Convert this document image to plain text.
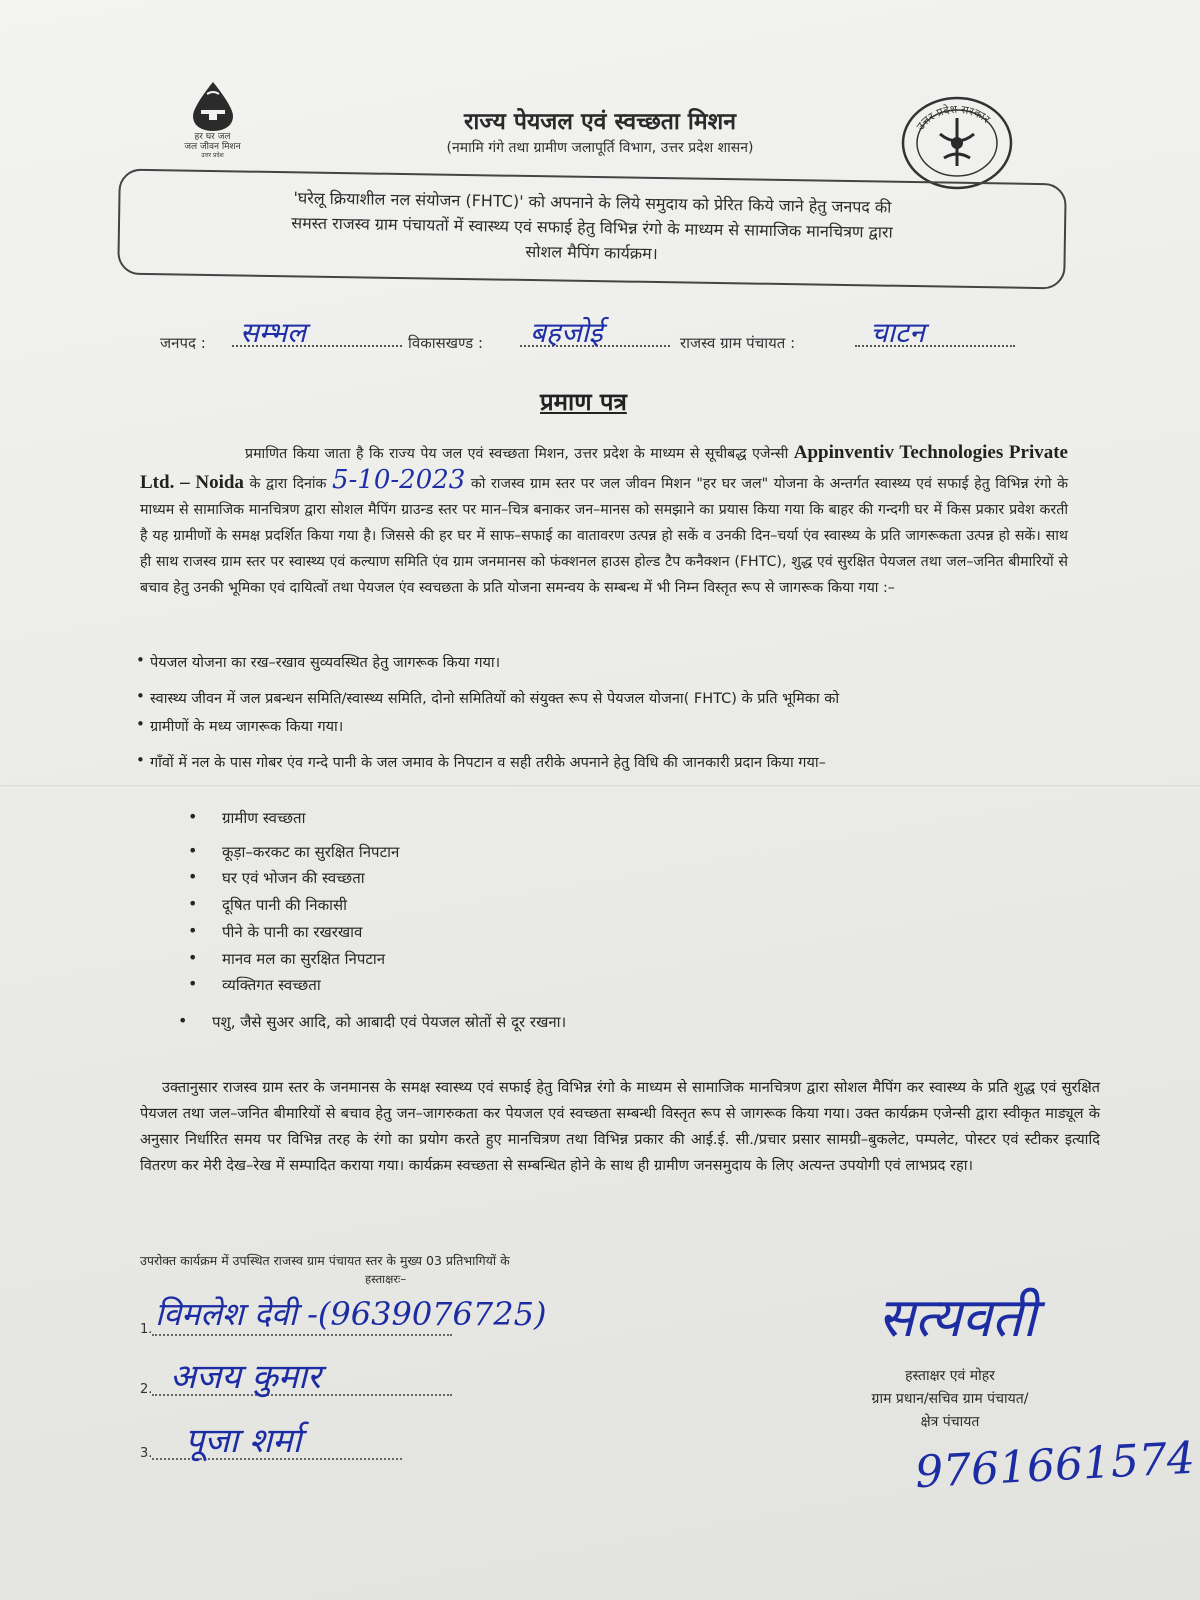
हर घर जल
जल जीवन मिशन
उत्तर प्रदेश
उत्तर प्रदेश सरकार
राज्य पेयजल एवं स्वच्छता मिशन
(नमामि गंगे तथा ग्रामीण जलापूर्ति विभाग, उत्तर प्रदेश शासन)
'घरेलू क्रियाशील नल संयोजन (FHTC)' को अपनाने के लिये समुदाय को प्रेरित किये जाने हेतु जनपद की
समस्त राजस्व ग्राम पंचायतों में स्वास्थ्य एवं सफाई हेतु विभिन्न रंगो के माध्यम से सामाजिक मानचित्रण द्वारा
सोशल मैपिंग कार्यक्रम।
जनपद : सम्भल	विकासखण्ड : बहजोई	राजस्व ग्राम पंचायत :	चाटन
प्रमाण पत्र
प्रमाणित किया जाता है कि राज्य पेय जल एवं स्वच्छता मिशन, उत्तर प्रदेश के माध्यम से सूचीबद्ध एजेन्सी Appinventiv Technologies Private Ltd. – Noida के द्वारा दिनांक 5-10-2023 को राजस्व ग्राम स्तर पर जल जीवन मिशन "हर घर जल" योजना के अन्तर्गत स्वास्थ्य एवं सफाई हेतु विभिन्न रंगो के माध्यम से सामाजिक मानचित्रण द्वारा सोशल मैपिंग ग्राउन्ड स्तर पर मान–चित्र बनाकर जन–मानस को समझाने का प्रयास किया गया कि बाहर की गन्दगी घर में किस प्रकार प्रवेश करती है यह ग्रामीणों के समक्ष प्रदर्शित किया गया है। जिससे की हर घर में साफ–सफाई का वातावरण उत्पन्न हो सकें व उनकी दिन–चर्या एंव स्वास्थ्य के प्रति जागरूकता उत्पन्न हो सकें। साथ ही साथ राजस्व ग्राम स्तर पर स्वास्थ्य एवं कल्याण समिति एंव ग्राम जनमानस को फंक्शनल हाउस होल्ड टैप कनैक्शन (FHTC), शुद्ध एवं सुरक्षित पेयजल तथा जल–जनित बीमारियों से बचाव हेतु उनकी भूमिका एवं दायित्वों तथा पेयजल एंव स्वचछता के प्रति योजना समन्वय के सम्बन्ध में भी निम्न विस्तृत रूप से जागरूक किया गया :–
• पेयजल योजना का रख–रखाव सुव्यवस्थित हेतु जागरूक किया गया।
• स्वास्थ्य जीवन में जल प्रबन्धन समिति/स्वास्थ्य समिति, दोनो समितियों को संयुक्त रूप से पेयजल योजना( FHTC) के प्रति भूमिका को
• ग्रामीणों के मध्य जागरूक किया गया।
• गाँवों में नल के पास गोबर एंव गन्दे पानी के जल जमाव के निपटान व सही तरीके अपनाने हेतु विधि की जानकारी प्रदान किया गया–
• ग्रामीण स्वच्छता
• कूड़ा–करकट का सुरक्षित निपटान
• घर एवं भोजन की स्वच्छता
• दूषित पानी की निकासी
• पीने के पानी का रखरखाव
• मानव मल का सुरक्षित निपटान
• व्यक्तिगत स्वच्छता
• पशु, जैसे सुअर आदि, को आबादी एवं पेयजल स्रोतों से दूर रखना।
उक्तानुसार राजस्व ग्राम स्तर के जनमानस के समक्ष स्वास्थ्य एवं सफाई हेतु विभिन्न रंगो के माध्यम से सामाजिक मानचित्रण द्वारा सोशल मैपिंग कर स्वास्थ्य के प्रति शुद्ध एवं सुरक्षित पेयजल तथा जल–जनित बीमारियों से बचाव हेतु जन–जागरुकता कर पेयजल एवं स्वच्छता सम्बन्धी विस्तृत रूप से जागरूक किया गया। उक्त कार्यक्रम एजेन्सी द्वारा स्वीकृत माड्यूल के अनुसार निर्धारित समय पर विभिन्न तरह के रंगो का प्रयोग करते हुए मानचित्रण तथा विभिन्न प्रकार की आई.ई. सी./प्रचार प्रसार सामग्री–बुकलेट, पम्पलेट, पोस्टर एवं स्टीकर इत्यादि वितरण कर मेरी देख–रेख में सम्पादित कराया गया। कार्यक्रम स्वच्छता से सम्बन्धित होने के साथ ही ग्रामीण जनसमुदाय के लिए अत्यन्त उपयोगी एवं लाभप्रद रहा।
उपरोक्त कार्यक्रम में उपस्थित राजस्व ग्राम पंचायत स्तर के मुख्य 03 प्रतिभागियों के
हस्ताक्षरः–
1. विमलेश देवी -(9639076725)
2. अजय कुमार
3. पूजा शर्मा
सत्यवती
हस्ताक्षर एवं मोहर
ग्राम प्रधान/सचिव ग्राम पंचायत/
क्षेत्र पंचायत
9761661574
